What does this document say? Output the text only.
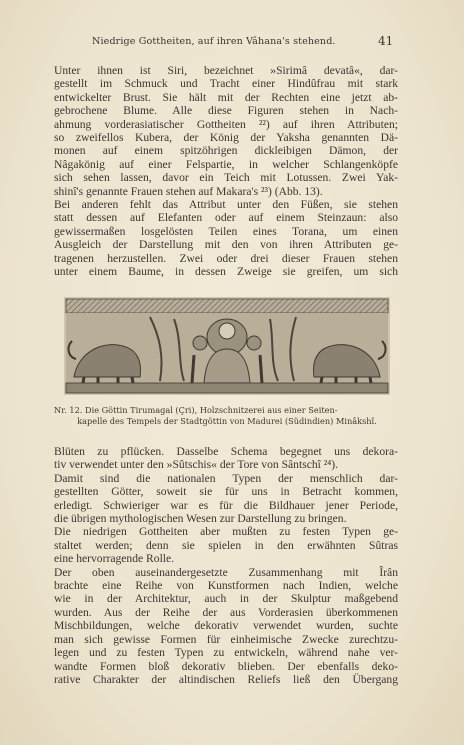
Niedrige Gottheiten, auf ihren Vâhana's stehend.	41
Unter ihnen ist Siri, bezeichnet »Sirimâ devatâ«, dar-
gestellt im Schmuck und Tracht einer Hindûfrau mit stark
entwickelter Brust. Sie hält mit der Rechten eine jetzt ab-
gebrochene Blume. Alle diese Figuren stehen in Nach-
ahmung vorderasiatischer Gottheiten ²²) auf ihren Attributen;
so zweifellos Kubera, der König der Yaksha genannten Dä-
monen auf einem spitzöhrigen dickleibigen Dämon, der
Nâgakönig auf einer Felspartie, in welcher Schlangenköpfe
sich sehen lassen, davor ein Teich mit Lotussen. Zwei Yak-
shinî's genannte Frauen stehen auf Makara's ²³) (Abb. 13).
Bei anderen fehlt das Attribut unter den Füßen, sie stehen
statt dessen auf Elefanten oder auf einem Steinzaun: also
gewissermaßen losgelösten Teilen eines Torana, um einen
Ausgleich der Darstellung mit den von ihren Attributen ge-
tragenen herzustellen. Zwei oder drei dieser Frauen stehen
unter einem Baume, in dessen Zweige sie greifen, um sich
Nr. 12. Die Göttin Tirumagal (Çri), Holzschnitzerei aus einer Seiten-
kapelle des Tempels der Stadtgöttin von Madurei (Südindien) Minâkshî.
Blüten zu pflücken. Dasselbe Schema begegnet uns dekora-
tiv verwendet unter den »Sûtschis« der Tore von Sântschî ²⁴).
Damit sind die nationalen Typen der menschlich dar-
gestellten Götter, soweit sie für uns in Betracht kommen,
erledigt. Schwieriger war es für die Bildhauer jener Periode,
die übrigen mythologischen Wesen zur Darstellung zu bringen.
Die niedrigen Gottheiten aber mußten zu festen Typen ge-
staltet werden; denn sie spielen in den erwähnten Sûtras
eine hervorragende Rolle.
Der oben auseinandergesetzte Zusammenhang mit Îrân
brachte eine Reihe von Kunstformen nach Indien, welche
wie in der Architektur, auch in der Skulptur maßgebend
wurden. Aus der Reihe der aus Vorderasien überkommenen
Mischbildungen, welche dekorativ verwendet wurden, suchte
man sich gewisse Formen für einheimische Zwecke zurechtzu-
legen und zu festen Typen zu entwickeln, während nahe ver-
wandte Formen bloß dekorativ blieben. Der ebenfalls deko-
rative Charakter der altindischen Reliefs ließ den Übergang
